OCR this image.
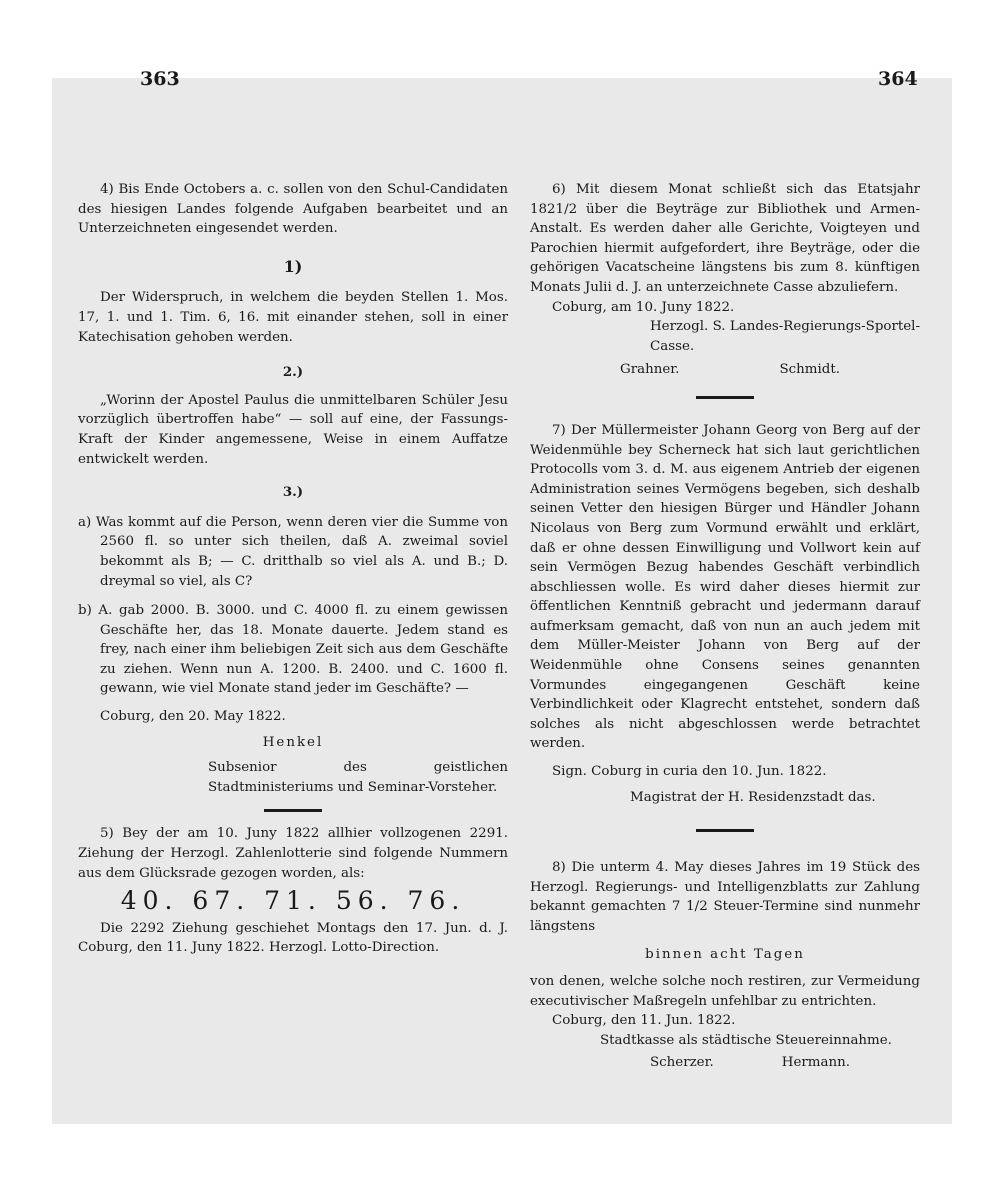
363	364

4) Bis Ende Octobers a. c. sollen von den Schul-Candidaten des hiesigen Landes folgende Aufgaben bearbeitet und an Unterzeichneten eingesendet werden.

1)

Der Widerspruch, in welchem die beyden Stellen 1. Mos. 17, 1. und 1. Tim. 6, 16. mit einander stehen, soll in einer Katechisation gehoben werden.

2.)

„Worinn der Apostel Paulus die unmittelbaren Schüler Jesu vorzüglich übertroffen habe“ — soll auf eine, der Fassungs-Kraft der Kinder angemessene, Weise in einem Auffatze entwickelt werden.

3.)

a) Was kommt auf die Person, wenn deren vier die Summe von 2560 fl. so unter sich theilen, daß A. zweimal soviel bekommt als B; — C. dritthalb so viel als A. und B.; D. dreymal so viel, als C?

b) A. gab 2000. B. 3000. und C. 4000 fl. zu einem gewissen Geschäfte her, das 18. Monate dauerte. Jedem stand es frey, nach einer ihm beliebigen Zeit sich aus dem Geschäfte zu ziehen. Wenn nun A. 1200. B. 2400. und C. 1600 fl. gewann, wie viel Monate stand jeder im Geschäfte? —

Coburg, den 20. May 1822.

Henkel

Subsenior des geistlichen Stadtministeriums und Seminar-Vorsteher.

5) Bey der am 10. Juny 1822 allhier vollzogenen 2291. Ziehung der Herzogl. Zahlenlotterie sind folgende Nummern aus dem Glücksrade gezogen worden, als:

40. 67. 71. 56. 76.

Die 2292 Ziehung geschiehet Montags den 17. Jun. d. J. Coburg, den 11. Juny 1822. Herzogl. Lotto-Direction.

6) Mit diesem Monat schließt sich das Etatsjahr 1821/2 über die Beyträge zur Bibliothek und Armen-Anstalt. Es werden daher alle Gerichte, Voigteyen und Parochien hiermit aufgefordert, ihre Beyträge, oder die gehörigen Vacatscheine längstens bis zum 8. künftigen Monats Julii d. J. an unterzeichnete Casse abzuliefern.

Coburg, am 10. Juny 1822.

Herzogl. S. Landes-Regierungs-Sportel-Casse.

Grahner.	Schmidt.

7) Der Müllermeister Johann Georg von Berg auf der Weidenmühle bey Scherneck hat sich laut gerichtlichen Protocolls vom 3. d. M. aus eigenem Antrieb der eigenen Administration seines Vermögens begeben, sich deshalb seinen Vetter den hiesigen Bürger und Händler Johann Nicolaus von Berg zum Vormund erwählt und erklärt, daß er ohne dessen Einwilligung und Vollwort kein auf sein Vermögen Bezug habendes Geschäft verbindlich abschliessen wolle. Es wird daher dieses hiermit zur öffentlichen Kenntniß gebracht und jedermann darauf aufmerksam gemacht, daß von nun an auch jedem mit dem Müller-Meister Johann von Berg auf der Weidenmühle ohne Consens seines genannten Vormundes eingegangenen Geschäft keine Verbindlichkeit oder Klagrecht entstehet, sondern daß solches als nicht abgeschlossen werde betrachtet werden.

Sign. Coburg in curia den 10. Jun. 1822.

Magistrat der H. Residenzstadt das.

8) Die unterm 4. May dieses Jahres im 19 Stück des Herzogl. Regierungs- und Intelligenzblatts zur Zahlung bekannt gemachten 7 1/2 Steuer-Termine sind nunmehr längstens

binnen acht Tagen

von denen, welche solche noch restiren, zur Vermeidung executivischer Maßregeln unfehlbar zu entrichten.

Coburg, den 11. Jun. 1822.

Stadtkasse als städtische Steuereinnahme.

Scherzer.	Hermann.
